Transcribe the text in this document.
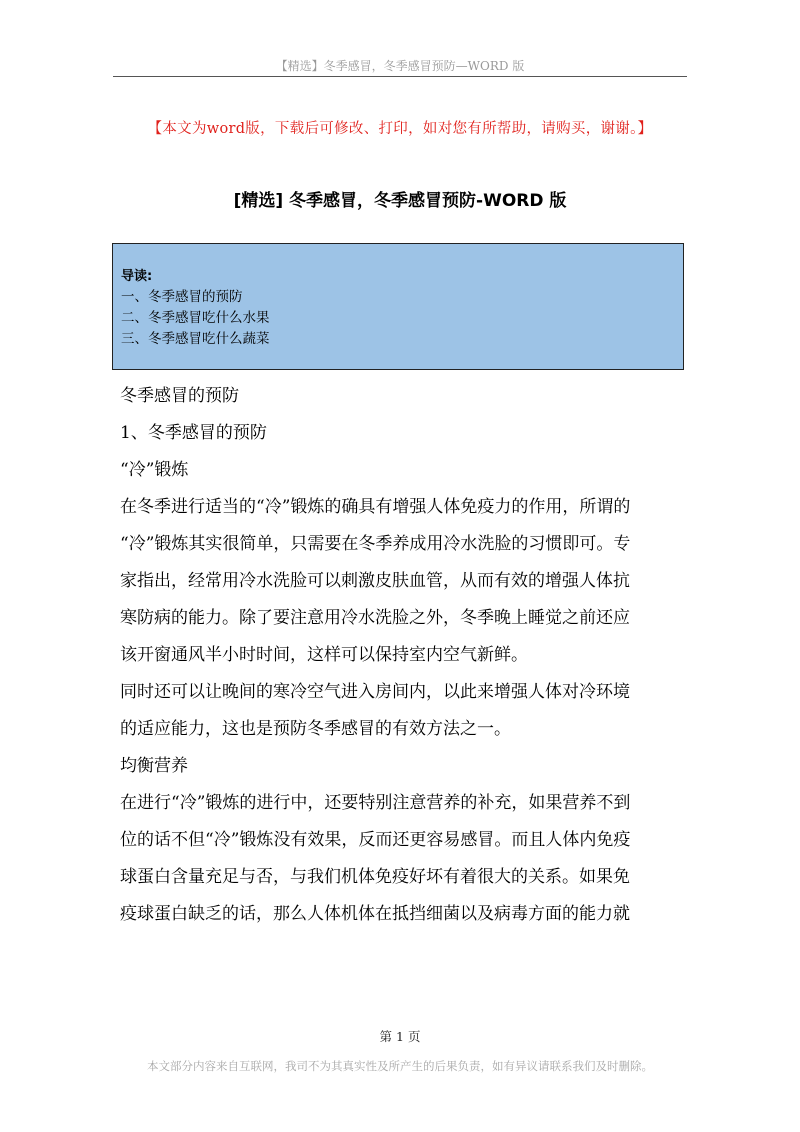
【精选】冬季感冒，冬季感冒预防—WORD 版
【本文为word版，下载后可修改、打印，如对您有所帮助，请购买，谢谢。】
[精选] 冬季感冒，冬季感冒预防-WORD 版
导读:
一、冬季感冒的预防
二、冬季感冒吃什么水果
三、冬季感冒吃什么蔬菜

冬季感冒的预防

1、冬季感冒的预防

“冷”锻炼

在冬季进行适当的“冷”锻炼的确具有增强人体免疫力的作用，所谓的

“冷”锻炼其实很简单，只需要在冬季养成用冷水洗脸的习惯即可。专

家指出，经常用冷水洗脸可以刺激皮肤血管，从而有效的增强人体抗

寒防病的能力。除了要注意用冷水洗脸之外，冬季晚上睡觉之前还应

该开窗通风半小时时间，这样可以保持室内空气新鲜。

同时还可以让晚间的寒冷空气进入房间内，以此来增强人体对冷环境

的适应能力，这也是预防冬季感冒的有效方法之一。

均衡营养

在进行“冷”锻炼的进行中，还要特别注意营养的补充，如果营养不到

位的话不但“冷”锻炼没有效果，反而还更容易感冒。而且人体内免疫

球蛋白含量充足与否，与我们机体免疫好坏有着很大的关系。如果免

疫球蛋白缺乏的话，那么人体机体在抵挡细菌以及病毒方面的能力就

第 1 页
本文部分内容来自互联网，我司不为其真实性及所产生的后果负责，如有异议请联系我们及时删除。
